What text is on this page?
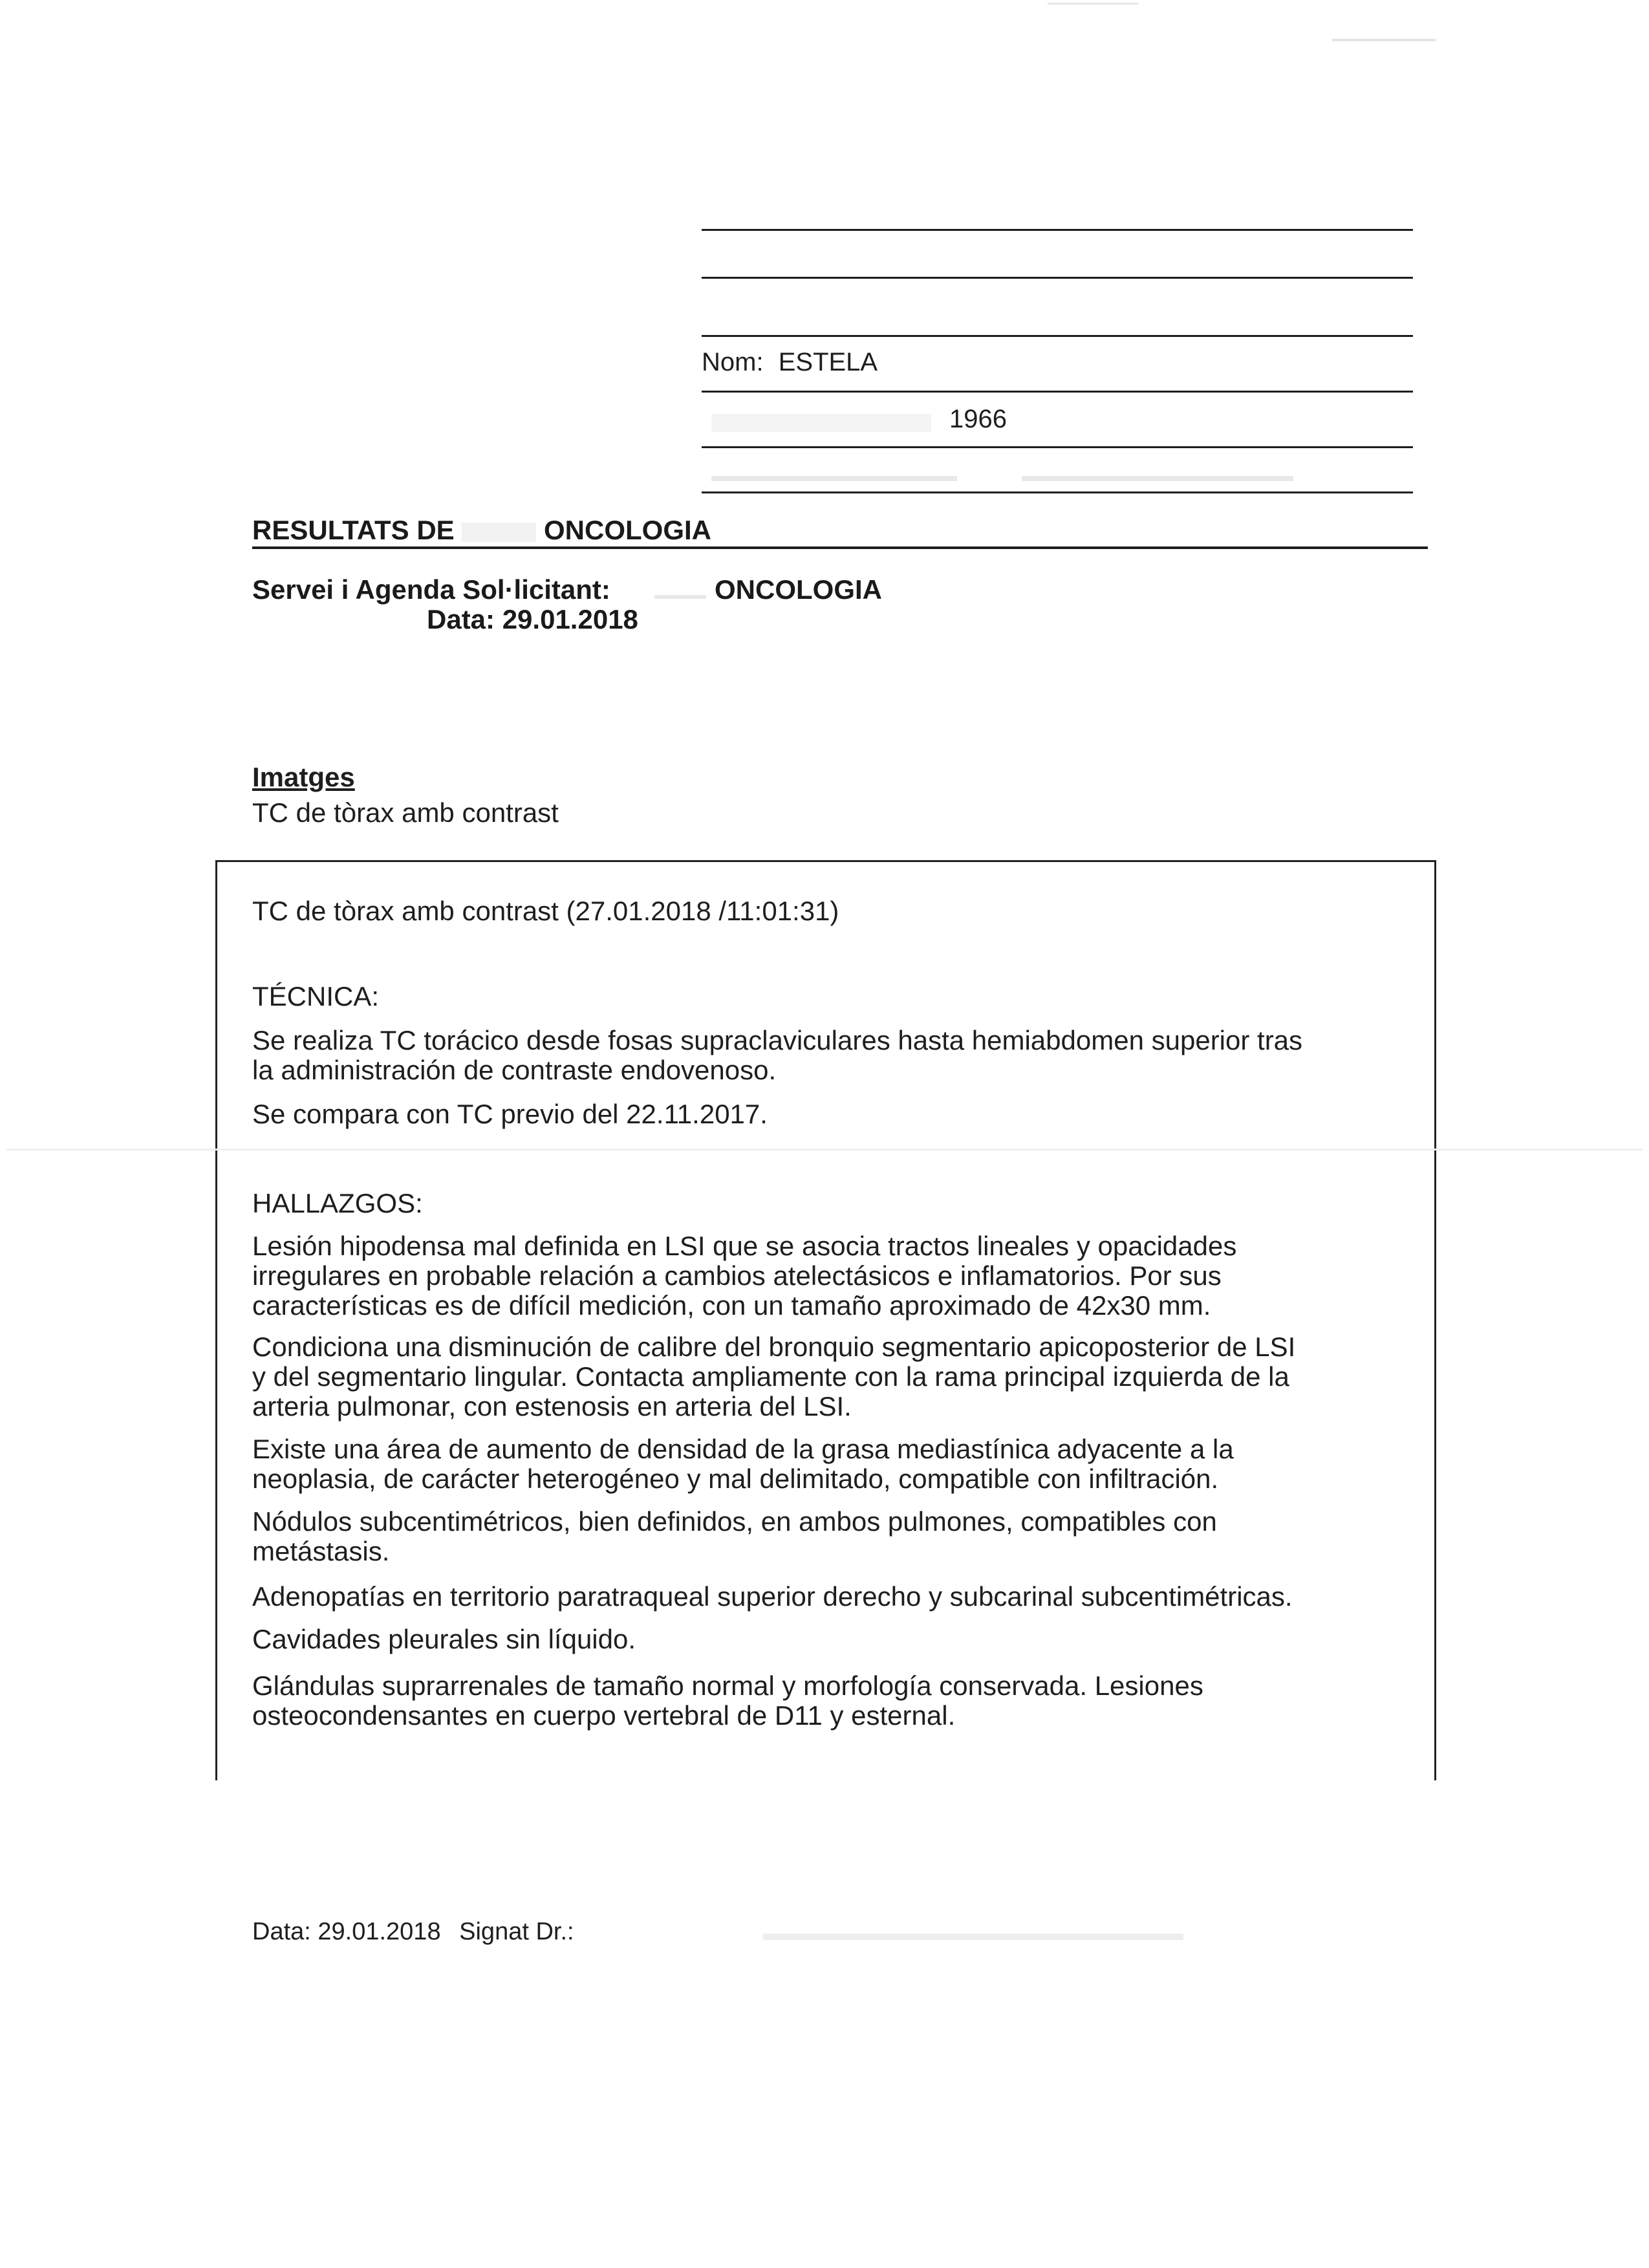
Nom: ESTELA
1966
RESULTATS DE	ONCOLOGIA
Servei i Agenda Sol·licitant:	ONCOLOGIA
Data: 29.01.2018
Imatges
TC de tòrax amb contrast
TC de tòrax amb contrast (27.01.2018 /11:01:31)
TÉCNICA:

Se realiza TC torácico desde fosas supraclaviculares hasta hemiabdomen superior tras
la administración de contraste endovenoso.

Se compara con TC previo del 22.11.2017.
HALLAZGOS:

Lesión hipodensa mal definida en LSI que se asocia tractos lineales y opacidades
irregulares en probable relación a cambios atelectásicos e inflamatorios. Por sus
características es de difícil medición, con un tamaño aproximado de 42x30 mm.

Condiciona una disminución de calibre del bronquio segmentario apicoposterior de LSI
y del segmentario lingular. Contacta ampliamente con la rama principal izquierda de la
arteria pulmonar, con estenosis en arteria del LSI.

Existe una área de aumento de densidad de la grasa mediastínica adyacente a la
neoplasia, de carácter heterogéneo y mal delimitado, compatible con infiltración.

Nódulos subcentimétricos, bien definidos, en ambos pulmones, compatibles con
metástasis.

Adenopatías en territorio paratraqueal superior derecho y subcarinal subcentimétricas.

Cavidades pleurales sin líquido.

Glándulas suprarrenales de tamaño normal y morfología conservada. Lesiones
osteocondensantes en cuerpo vertebral de D11 y esternal.

Data: 29.01.2018 Signat Dr.:
